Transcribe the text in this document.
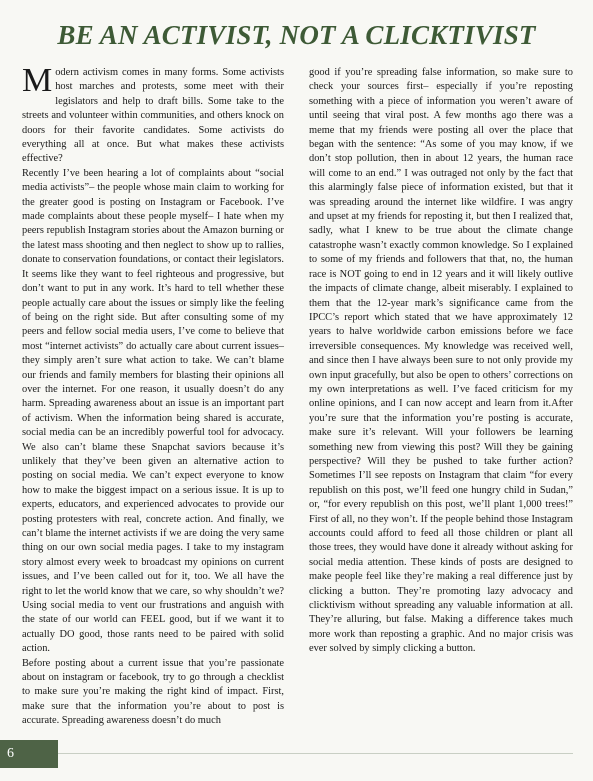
BE AN ACTIVIST, NOT A CLICKTIVIST
M odern activism comes in many forms. Some activists host marches and protests, some meet with their legislators and help to draft bills. Some take to the streets and volunteer within communities, and others knock on doors for their favorite candidates. Some activists do everything all at once. But what makes these activists effective?

Recently I’ve been hearing a lot of complaints about “social media activists”– the people whose main claim to working for the greater good is posting on Instagram or Facebook. I’ve made complaints about these people myself– I hate when my peers republish Instagram stories about the Amazon burning or the latest mass shooting and then neglect to show up to rallies, donate to conservation foundations, or contact their legislators. It seems like they want to feel righteous and progressive, but don’t want to put in any work. It’s hard to tell whether these people actually care about the issues or simply like the feeling of being on the right side. But after consulting some of my peers and fellow social media users, I’ve come to believe that most “internet activists” do actually care about current issues– they simply aren’t sure what action to take. We can’t blame our friends and family members for blasting their opinions all over the internet. For one reason, it usually doesn’t do any harm. Spreading awareness about an issue is an important part of activism. When the information being shared is accurate, social media can be an incredibly powerful tool for advocacy. We also can’t blame these Snapchat saviors because it’s unlikely that they’ve been given an alternative action to posting on social media. We can’t expect everyone to know how to make the biggest impact on a serious issue. It is up to experts, educators, and experienced advocates to provide our posting protesters with real, concrete action. And finally, we can’t blame the internet activists if we are doing the very same thing on our own social media pages. I take to my instagram story almost every week to broadcast my opinions on current issues, and I’ve been called out for it, too. We all have the right to let the world know that we care, so why shouldn’t we? Using social media to vent our frustrations and anguish with the state of our world can FEEL good, but if we want it to actually DO good, those rants need to be paired with solid action.

Before posting about a current issue that you’re passionate about on instagram or facebook, try to go through a checklist to make sure you’re making the right kind of impact. First, make sure that the information you’re about to post is accurate. Spreading awareness doesn’t do much

good if you’re spreading false information, so make sure to check your sources first– especially if you’re reposting something with a piece of information you weren’t aware of until seeing that viral post. A few months ago there was a meme that my friends were posting all over the place that began with the sentence: “As some of you may know, if we don’t stop pollution, then in about 12 years, the human race will come to an end.” I was outraged not only by the fact that this alarmingly false piece of information existed, but that it was spreading around the internet like wildfire. I was angry and upset at my friends for reposting it, but then I realized that, sadly, what I knew to be true about the climate change catastrophe wasn’t exactly common knowledge. So I explained to some of my friends and followers that that, no, the human race is NOT going to end in 12 years and it will likely outlive the impacts of climate change, albeit miserably. I explained to them that the 12-year mark’s significance came from the IPCC’s report which stated that we have approximately 12 years to halve worldwide carbon emissions before we face irreversible consequences. My knowledge was received well, and since then I have always been sure to not only provide my own input gracefully, but also be open to others’ corrections on my own interpretations as well. I’ve faced criticism for my online opinions, and I can now accept and learn from it.After you’re sure that the information you’re posting is accurate, make sure it’s relevant. Will your followers be learning something new from viewing this post? Will they be gaining perspective? Will they be pushed to take further action? Sometimes I’ll see reposts on Instagram that claim “for every republish on this post, we’ll feed one hungry child in Sudan,” or, “for every republish on this post, we’ll plant 1,000 trees!” First of all, no they won’t. If the people behind those Instagram accounts could afford to feed all those children or plant all those trees, they would have done it already without asking for social media attention. These kinds of posts are designed to make people feel like they’re making a real difference just by clicking a button. They’re promoting lazy advocacy and clicktivism without spreading any valuable information at all. They’re alluring, but false. Making a difference takes much more work than reposting a graphic. And no major crisis was ever solved by simply clicking a button.

6
